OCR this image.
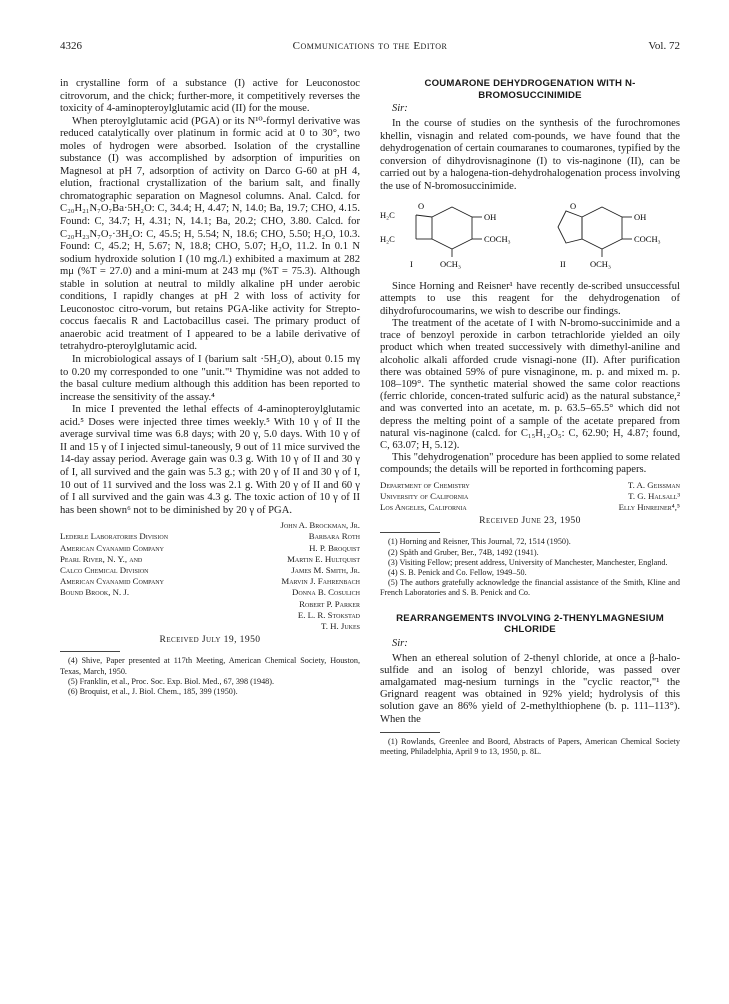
4326	Communications to the Editor	Vol. 72

in crystalline form of a substance (I) active for Leuconostoc citrovorum, and the chick; further-more, it competitively reverses the toxicity of 4-aminopteroylglutamic acid (II) for the mouse.

When pteroylglutamic acid (PGA) or its N¹⁰-formyl derivative was reduced catalytically over platinum in formic acid at 0 to 30°, two moles of hydrogen were absorbed. Isolation of the crystalline substance (I) was accomplished by adsorption of impurities on Magnesol at pH 7, adsorption of activity on Darco G-60 at pH 4, elution, fractional crystallization of the barium salt, and finally chromatographic separation on Magnesol columns. Anal. Calcd. for C₂₀H₂₁N₇O₇Ba·5H₂O: C, 34.4; H, 4.47; N, 14.0; Ba, 19.7; CHO, 4.15. Found: C, 34.7; H, 4.31; N, 14.1; Ba, 20.2; CHO, 3.80. Calcd. for C₂₀H₂₃N₇O₇·3H₂O: C, 45.5; H, 5.54; N, 18.6; CHO, 5.50; H₂O, 10.3. Found: C, 45.2; H, 5.67; N, 18.8; CHO, 5.07; H₂O, 11.2. In 0.1 N sodium hydroxide solution I (10 mg./l.) exhibited a maximum at 282 mμ (%T = 27.0) and a mini-mum at 243 mμ (%T = 75.3). Although stable in solution at neutral to mildly alkaline pH under aerobic conditions, I rapidly changes at pH 2 with loss of activity for Leuconostoc citro-vorum, but retains PGA-like activity for Strepto-coccus faecalis R and Lactobacillus casei. The primary product of anaerobic acid treatment of I appeared to be a labile derivative of tetrahydro-pteroylglutamic acid.

In microbiological assays of I (barium salt ·5H₂O), about 0.15 mγ to 0.20 mγ corresponded to one "unit."¹ Thymidine was not added to the basal culture medium although this addition has been reported to increase the sensitivity of the assay.⁴

In mice I prevented the lethal effects of 4-aminopteroylglutamic acid.⁵ Doses were injected three times weekly.⁵ With 10 γ of II the average survival time was 6.8 days; with 20 γ, 5.0 days. With 10 γ of II and 15 γ of I injected simul-taneously, 9 out of 11 mice survived the 14-day assay period. Average gain was 0.3 g. With 10 γ of II and 30 γ of I, all survived and the gain was 5.3 g.; with 20 γ of II and 30 γ of I, 10 out of 11 survived and the loss was 2.1 g. With 20 γ of II and 60 γ of I all survived and the gain was 4.3 g. The toxic action of 10 γ of II has been shown⁶ not to be diminished by 20 γ of PGA.

John A. Brockman, Jr.
Lederle Laboratories Division	Barbara Roth
American Cyanamid Company	H. P. Broquist
Pearl River, N. Y., and	Martin E. Hultquist
Calco Chemical Division	James M. Smith, Jr.
American Cyanamid Company	Marvin J. Fahrenbach
Bound Brook, N. J.	Donna B. Cosulich
Robert P. Parker
E. L. R. Stokstad
T. H. Jukes
Received July 19, 1950

(4) Shive, Paper presented at 117th Meeting, American Chemical Society, Houston, Texas, March, 1950.

(5) Franklin, et al., Proc. Soc. Exp. Biol. Med., 67, 398 (1948).

(6) Broquist, et al., J. Biol. Chem., 185, 399 (1950).

COUMARONE DEHYDROGENATION WITH N-BROMOSUCCINIMIDE
Sir:

In the course of studies on the synthesis of the furochromones khellin, visnagin and related com-pounds, we have found that the dehydrogenation of certain coumaranes to coumarones, typified by the conversion of dihydrovisnaginone (I) to vis-naginone (II), can be carried out by a halogena-tion-dehydrohalogenation process involving the use of N-bromosuccinimide.

H₂C
O
H₂C
OH
COCH₃
OCH₃
I
O
OH
COCH₃
OCH₃
II

Since Horning and Reisner¹ have recently de-scribed unsuccessful attempts to use this reagent for the dehydrogenation of dihydrofurocoumarins, we wish to describe our findings.

The treatment of the acetate of I with N-bromo-succinimide and a trace of benzoyl peroxide in carbon tetrachloride yielded an oily product which when treated successively with dimethyl-aniline and alcoholic alkali afforded crude visnagi-none (II). After purification there was obtained 59% of pure visnaginone, m. p. and mixed m. p. 108–109°. The synthetic material showed the same color reactions (ferric chloride, concen-trated sulfuric acid) as the natural substance,² and was converted into an acetate, m. p. 63.5–65.5° which did not depress the melting point of a sample of the acetate prepared from natural vis-naginone (calcd. for C₁₅H₁₂O₅: C, 62.90; H, 4.87; found, C, 63.07; H, 5.12).

This "dehydrogenation" procedure has been applied to some related compounds; the details will be reported in forthcoming papers.

Department of Chemistry	T. A. Geissman
University of California	T. G. Halsall³
Los Angeles, California	Elly Hinreiner⁴,⁵
Received June 23, 1950

(1) Horning and Reisner, This Journal, 72, 1514 (1950).

(2) Späth and Gruber, Ber., 74B, 1492 (1941).

(3) Visiting Fellow; present address, University of Manchester, Manchester, England.

(4) S. B. Penick and Co. Fellow, 1949–50.

(5) The authors gratefully acknowledge the financial assistance of the Smith, Kline and French Laboratories and S. B. Penick and Co.

REARRANGEMENTS INVOLVING 2-THENYLMAGNESIUM CHLORIDE
Sir:

When an ethereal solution of 2-thenyl chloride, at once a β-halo-sulfide and an isolog of benzyl chloride, was passed over amalgamated mag-nesium turnings in the "cyclic reactor,"¹ the Grignard reagent was obtained in 92% yield; hydrolysis of this solution gave an 86% yield of 2-methylthiophene (b. p. 111–113°). When the

(1) Rowlands, Greenlee and Boord, Abstracts of Papers, American Chemical Society meeting, Philadelphia, April 9 to 13, 1950, p. 8L.
